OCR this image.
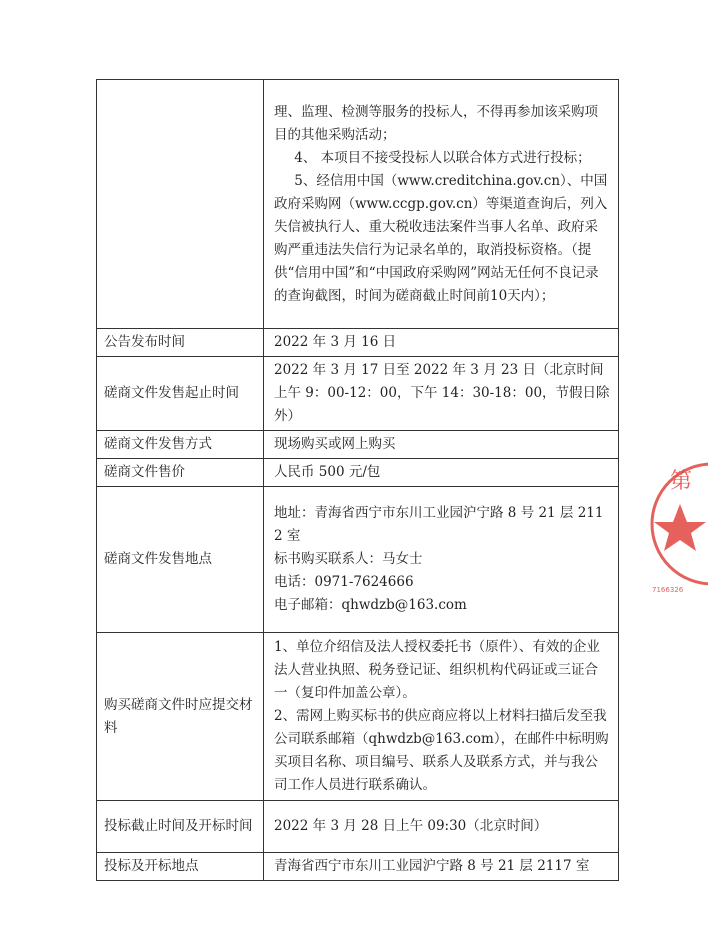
	理、监理、检测等服务的投标人，不得再参加该采购项目的其他采购活动；

4、 本项目不接受投标人以联合体方式进行投标；

5、经信用中国（www.creditchina.gov.cn）、中国政府采购网（www.ccgp.gov.cn）等渠道查询后，列入失信被执行人、重大税收违法案件当事人名单、政府采购严重违法失信行为记录名单的，取消投标资格。（提供“信用中国”和“中国政府采购网”网站无任何不良记录的查询截图，时间为磋商截止时间前10天内）；

公告发布时间	2022 年 3 月 16 日
磋商文件发售起止时间	2022 年 3 月 17 日至 2022 年 3 月 23 日（北京时间上午 9：00-12：00，下午 14：30-18：00，节假日除外）
磋商文件发售方式	现场购买或网上购买
磋商文件售价	人民币 500 元/包
磋商文件发售地点	地址：青海省西宁市东川工业园沪宁路 8 号 21 层 2112 室

标书购买联系人：马女士

电话：0971-7624666

电子邮箱：qhwdzb@163.com

购买磋商文件时应提交材料	1、单位介绍信及法人授权委托书（原件）、有效的企业法人营业执照、税务登记证、组织机构代码证或三证合一（复印件加盖公章）。

2、需网上购买标书的供应商应将以上材料扫描后发至我公司联系邮箱（qhwdzb@163.com），在邮件中标明购买项目名称、项目编号、联系人及联系方式，并与我公司工作人员进行联系确认。

投标截止时间及开标时间	2022 年 3 月 28 日上午 09:30（北京时间）
投标及开标地点	青海省西宁市东川工业园沪宁路 8 号 21 层 2117 室
第
7166326
